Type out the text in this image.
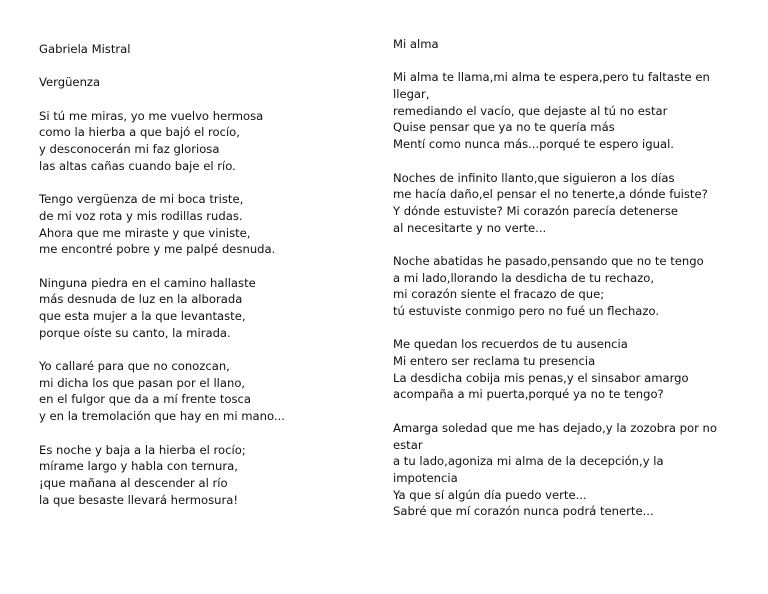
Gabriela Mistral
Vergüenza
Si tú me miras, yo me vuelvo hermosa
como la hierba a que bajó el rocío,
y desconocerán mi faz gloriosa
las altas cañas cuando baje el río.
Tengo vergüenza de mi boca triste,
de mi voz rota y mis rodillas rudas.
Ahora que me miraste y que viniste,
me encontré pobre y me palpé desnuda.
Ninguna piedra en el camino hallaste
más desnuda de luz en la alborada
que esta mujer a la que levantaste,
porque oíste su canto, la mirada.
Yo callaré para que no conozcan,
mi dicha los que pasan por el llano,
en el fulgor que da a mí frente tosca
y en la tremolación que hay en mi mano...
Es noche y baja a la hierba el rocío;
mírame largo y habla con ternura,
¡que mañana al descender al río
la que besaste llevará hermosura!
Mi alma
Mi alma te llama,mi alma te espera,pero tu faltaste en
llegar,
remediando el vacío, que dejaste al tú no estar
Quise pensar que ya no te quería más
Mentí como nunca más...porqué te espero igual.
Noches de infinito llanto,que siguieron a los días
me hacía daño,el pensar el no tenerte,a dónde fuiste?
Y dónde estuviste? Mi corazón parecía detenerse
al necesitarte y no verte...
Noche abatidas he pasado,pensando que no te tengo
a mi lado,llorando la desdicha de tu rechazo,
mi corazón siente el fracazo de que;
tú estuviste conmigo pero no fué un flechazo.
Me quedan los recuerdos de tu ausencia
Mi entero ser reclama tu presencia
La desdicha cobija mis penas,y el sinsabor amargo
acompaña a mi puerta,porqué ya no te tengo?
Amarga soledad que me has dejado,y la zozobra por no
estar
a tu lado,agoniza mi alma de la decepción,y la
impotencia
Ya que sí algún día puedo verte...
Sabré que mí corazón nunca podrá tenerte...
